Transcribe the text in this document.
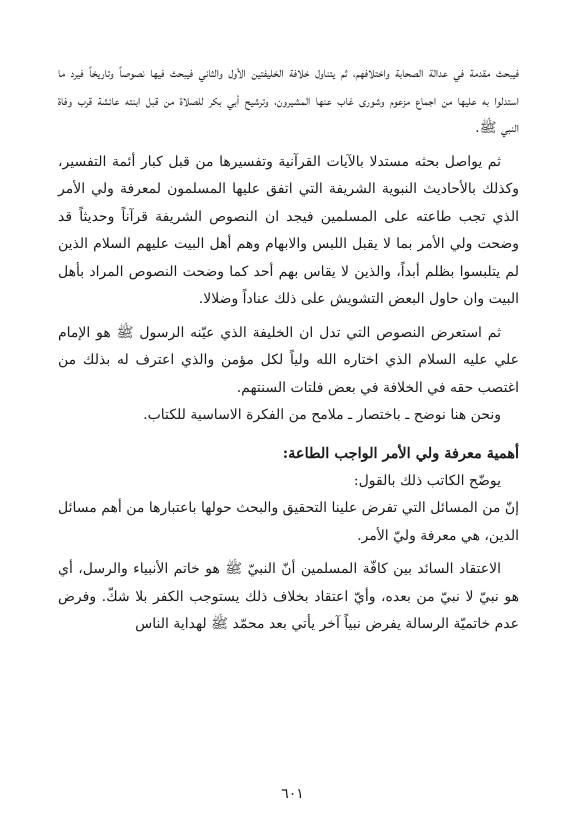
فيبحث مقدمة في عدالة الصحابة واختلافهم، ثم يتناول خلافة الخليفتين الأول والثاني فيبحث فيها نصوصاً وتاريخاً فيرد ما استدلوا به عليها من اجماع مزعوم وشورى غاب عنها المشيرون، وترشيح أبي بكر للصلاة من قبل ابنته عائشة قرب وفاة النبي ﷺ.

ثم يواصل بحثه مستدلا بالآيات القرآنية وتفسيرها من قبل كبار أئمة التفسير، وكذلك بالأحاديث النبوية الشريفة التي اتفق عليها المسلمون لمعرفة ولي الأمر الذي تجب طاعته على المسلمين فيجد ان النصوص الشريفة قرآناً وحديثاً قد وضحت ولي الأمر بما لا يقبل اللبس والابهام وهم أهل البيت عليهم السلام الذين لم يتلبسوا بظلم أبداً، والذين لا يقاس بهم أحد كما وضحت النصوص المراد بأهل البيت وان حاول البعض التشويش على ذلك عناداً وضلالا.

ثم استعرض النصوص التي تدل ان الخليفة الذي عيّنه الرسول ﷺ هو الإمام علي عليه السلام الذي اختاره الله ولياً لكل مؤمن والذي اعترف له بذلك من اغتصب حقه في الخلافة في بعض فلتات السنتهم.

ونحن هنا نوضح ـ باختصار ـ ملامح من الفكرة الاساسية للكتاب.

أهمية معرفة ولي الأمر الواجب الطاعة:

يوضّح الكاتب ذلك بالقول:

إنّ من المسائل التي تفرض علينا التحقيق والبحث حولها باعتبارها من أهم مسائل الدين، هي معرفة وليّ الأمر.

الاعتقاد السائد بين كافّة المسلمين أنّ النبيّ ﷺ هو خاتم الأنبياء والرسل، أي هو نبيّ لا نبيّ من بعده، وأيّ اعتقاد بخلاف ذلك يستوجب الكفر بلا شكّ. وفرض عدم خاتميّة الرسالة يفرض نبياً آخر يأتي بعد محمّد ﷺ لهداية الناس

٦٠١
